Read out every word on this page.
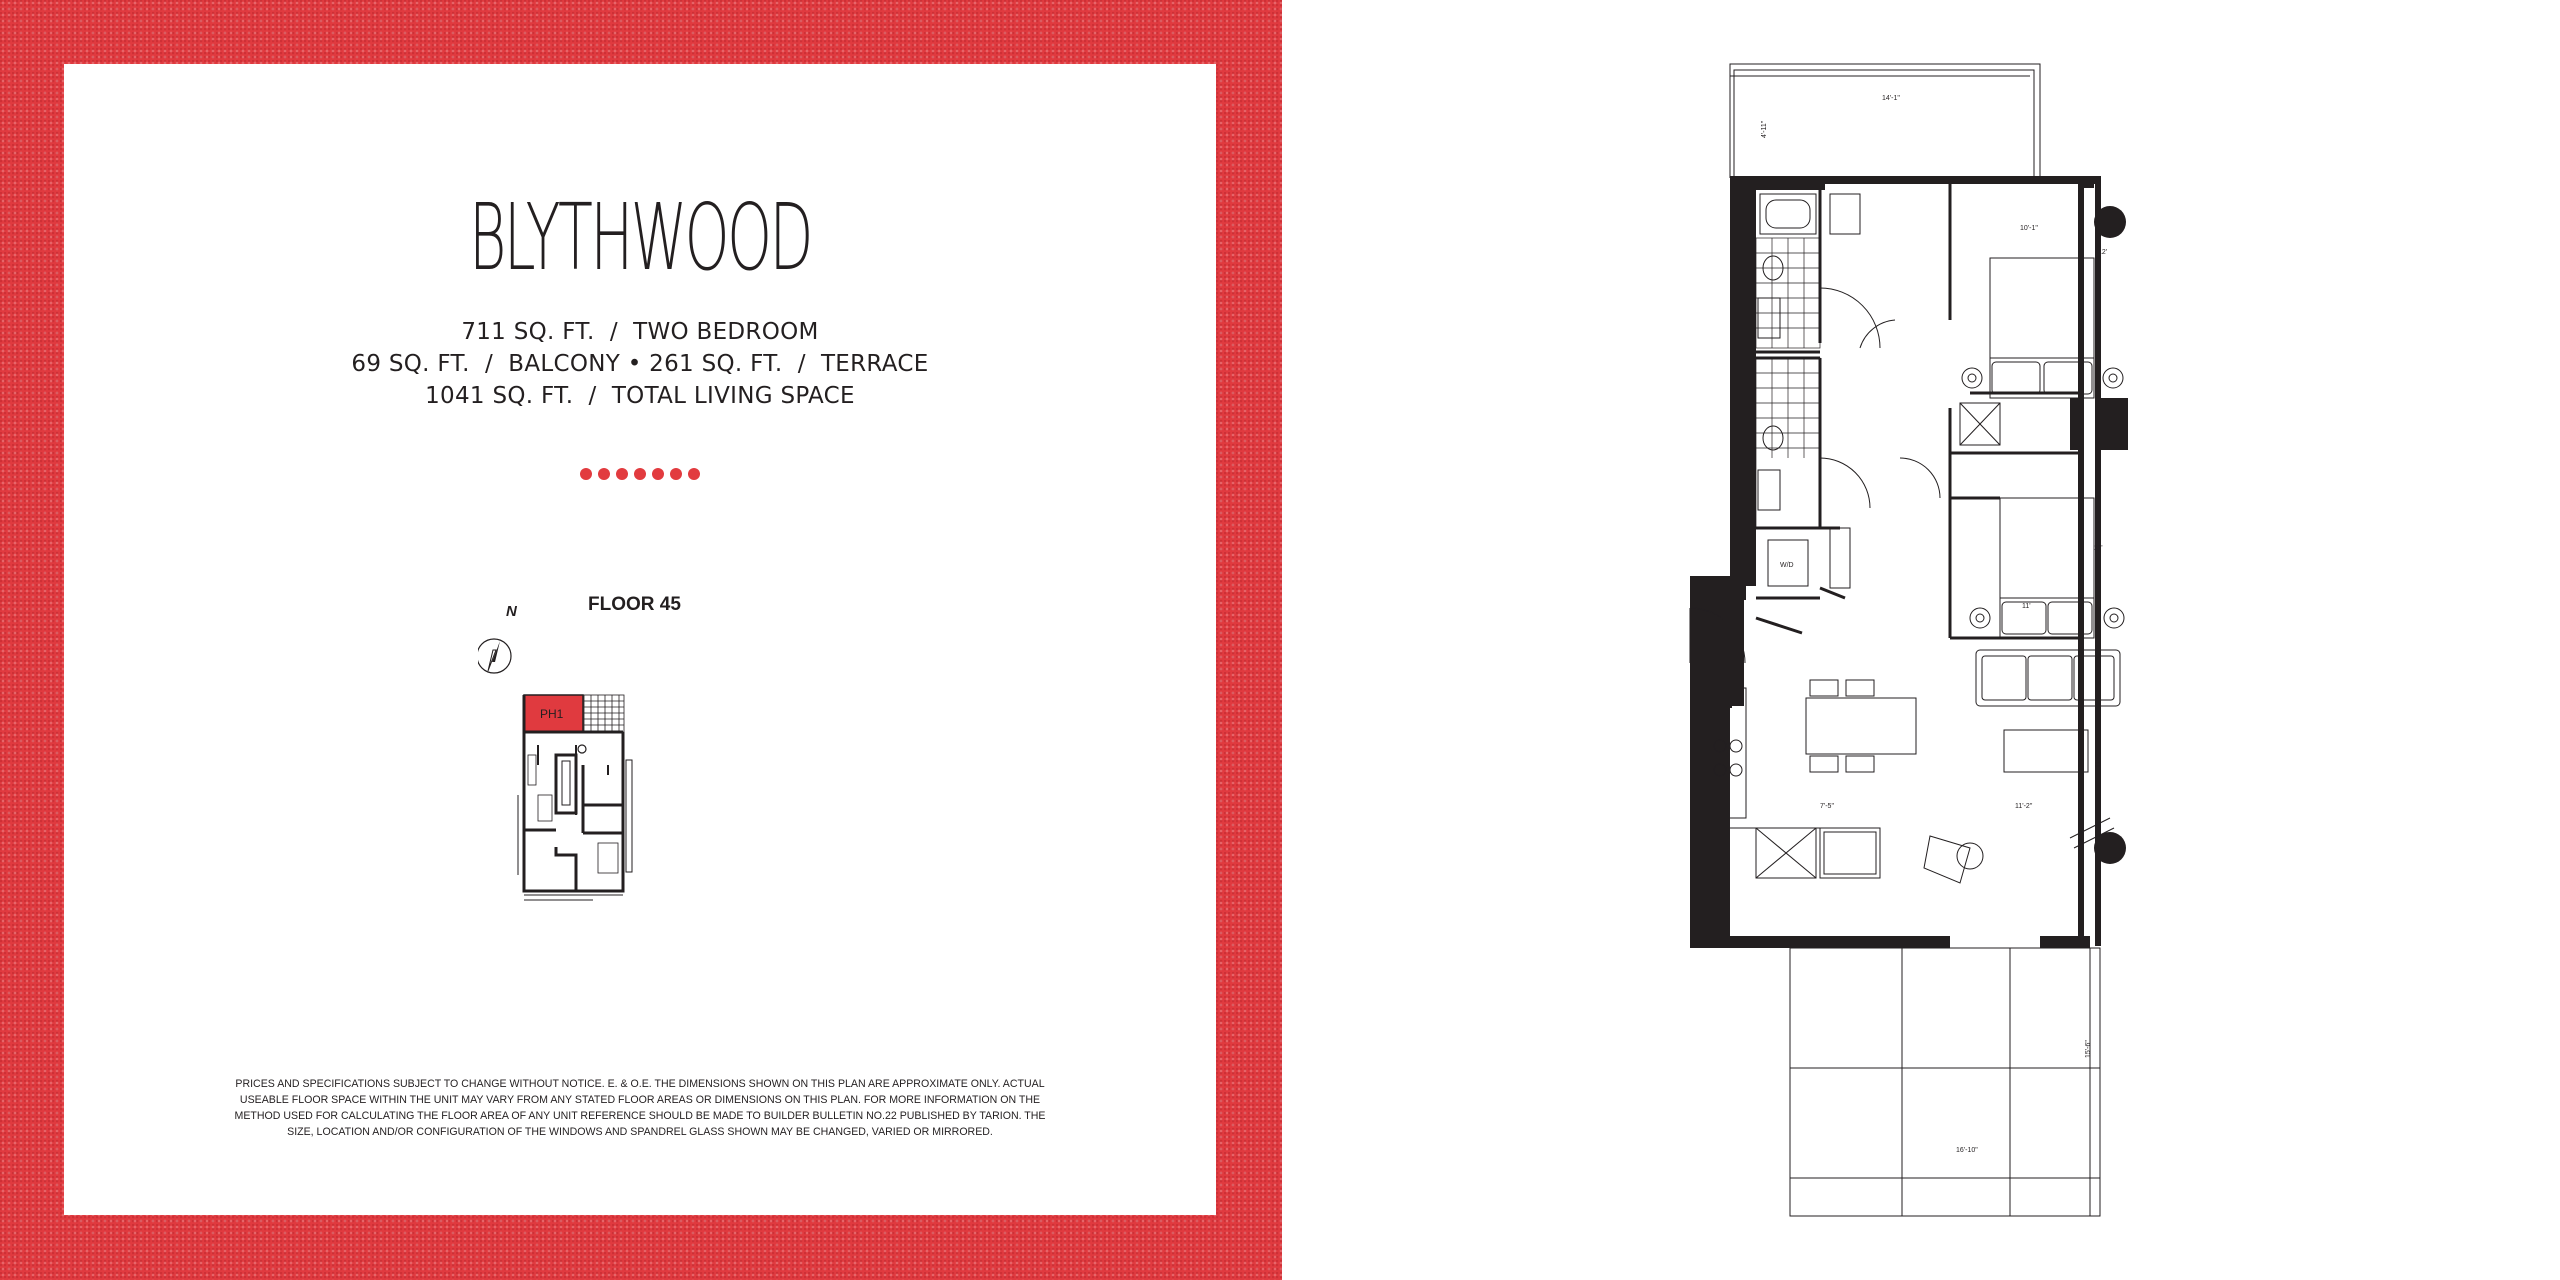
BLYTHWOOD
711 SQ. FT.  /  TWO BEDROOM
69 SQ. FT.  /  BALCONY • 261 SQ. FT.  /  TERRACE
1041 SQ. FT.  /  TOTAL LIVING SPACE
FLOOR 45
N
PH1
PRICES AND SPECIFICATIONS SUBJECT TO CHANGE WITHOUT NOTICE. E. & O.E. THE DIMENSIONS SHOWN ON THIS PLAN ARE APPROXIMATE ONLY. ACTUAL
USEABLE FLOOR SPACE WITHIN THE UNIT MAY VARY FROM ANY STATED FLOOR AREAS OR DIMENSIONS ON THIS PLAN. FOR MORE INFORMATION ON THE
METHOD USED FOR CALCULATING THE FLOOR AREA OF ANY UNIT REFERENCE SHOULD BE MADE TO BUILDER BULLETIN NO.22 PUBLISHED BY TARION. THE
SIZE, LOCATION AND/OR CONFIGURATION OF THE WINDOWS AND SPANDREL GLASS SHOWN MAY BE CHANGED, VARIED OR MIRRORED.
14'-1"
4'-11"
10'-1"
12'
11'
11'
W/D
7'-5"	11'-2"
11'-2"
15'-6"
16'-10"
